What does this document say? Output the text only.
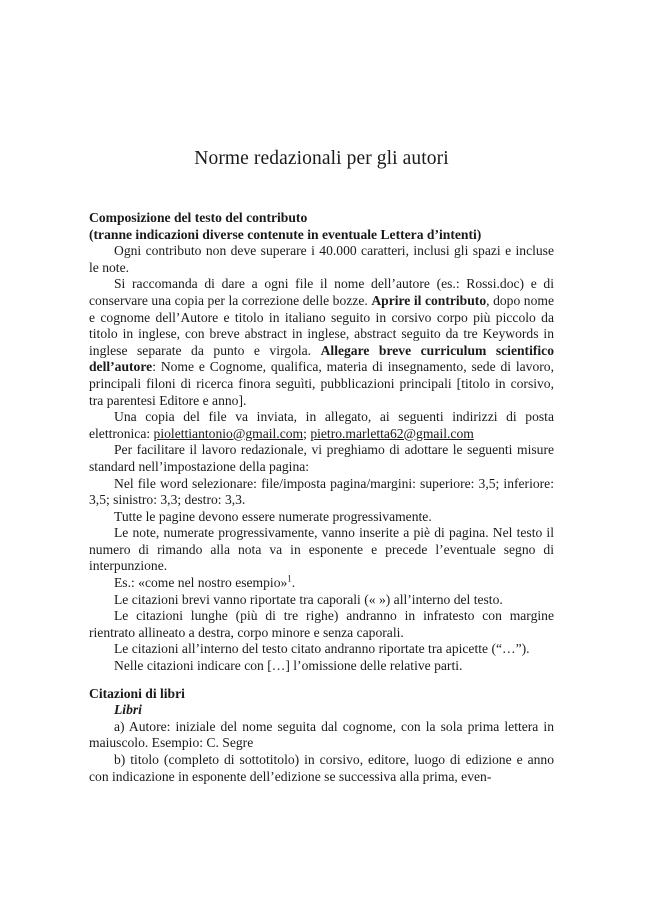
Norme redazionali per gli autori

Composizione del testo del contributo

(tranne indicazioni diverse contenute in eventuale Lettera d’intenti)

Ogni contributo non deve superare i 40.000 caratteri, inclusi gli spazi e incluse le note.

Si raccomanda di dare a ogni file il nome dell’autore (es.: Rossi.doc) e di conservare una copia per la correzione delle bozze. Aprire il contributo, dopo nome e cognome dell’Autore e titolo in italiano seguito in corsivo corpo più piccolo da titolo in inglese, con breve abstract in inglese, abstract seguito da tre Keywords in inglese separate da punto e virgola. Allegare breve curriculum scientifico dell’autore: Nome e Cognome, qualifica, materia di insegnamento, sede di lavoro, principali filoni di ricerca finora seguìti, pubblicazioni principali [titolo in corsivo, tra parentesi Editore e anno].

Una copia del file va inviata, in allegato, ai seguenti indirizzi di posta elettronica: pioletti​antonio@gmail.com; pietro.marletta62@gmail.com

Per facilitare il lavoro redazionale, vi preghiamo di adottare le seguenti misure standard nell’impostazione della pagina:

Nel file word selezionare: file/imposta pagina/margini: superiore: 3,5; inferiore: 3,5; sinistro: 3,3; destro: 3,3.

Tutte le pagine devono essere numerate progressivamente.

Le note, numerate progressivamente, vanno inserite a piè di pagina. Nel testo il numero di rimando alla nota va in esponente e precede l’eventuale segno di interpunzione.

Es.: «come nel nostro esempio»$^1$.

Le citazioni brevi vanno riportate tra caporali (« ») all’interno del testo.

Le citazioni lunghe (più di tre righe) andranno in infratesto con margine rientrato allineato a destra, corpo minore e senza caporali.

Le citazioni all’interno del testo citato andranno riportate tra apicette (“…”).

Nelle citazioni indicare con […] l’omissione delle relative parti.

Citazioni di libri

Libri

a) Autore: iniziale del nome seguita dal cognome, con la sola prima lettera in maiuscolo. Esempio: C. Segre

b) titolo (completo di sottotitolo) in corsivo, editore, luogo di edizione e anno con indicazione in esponente dell’edizione se successiva alla prima, even-
